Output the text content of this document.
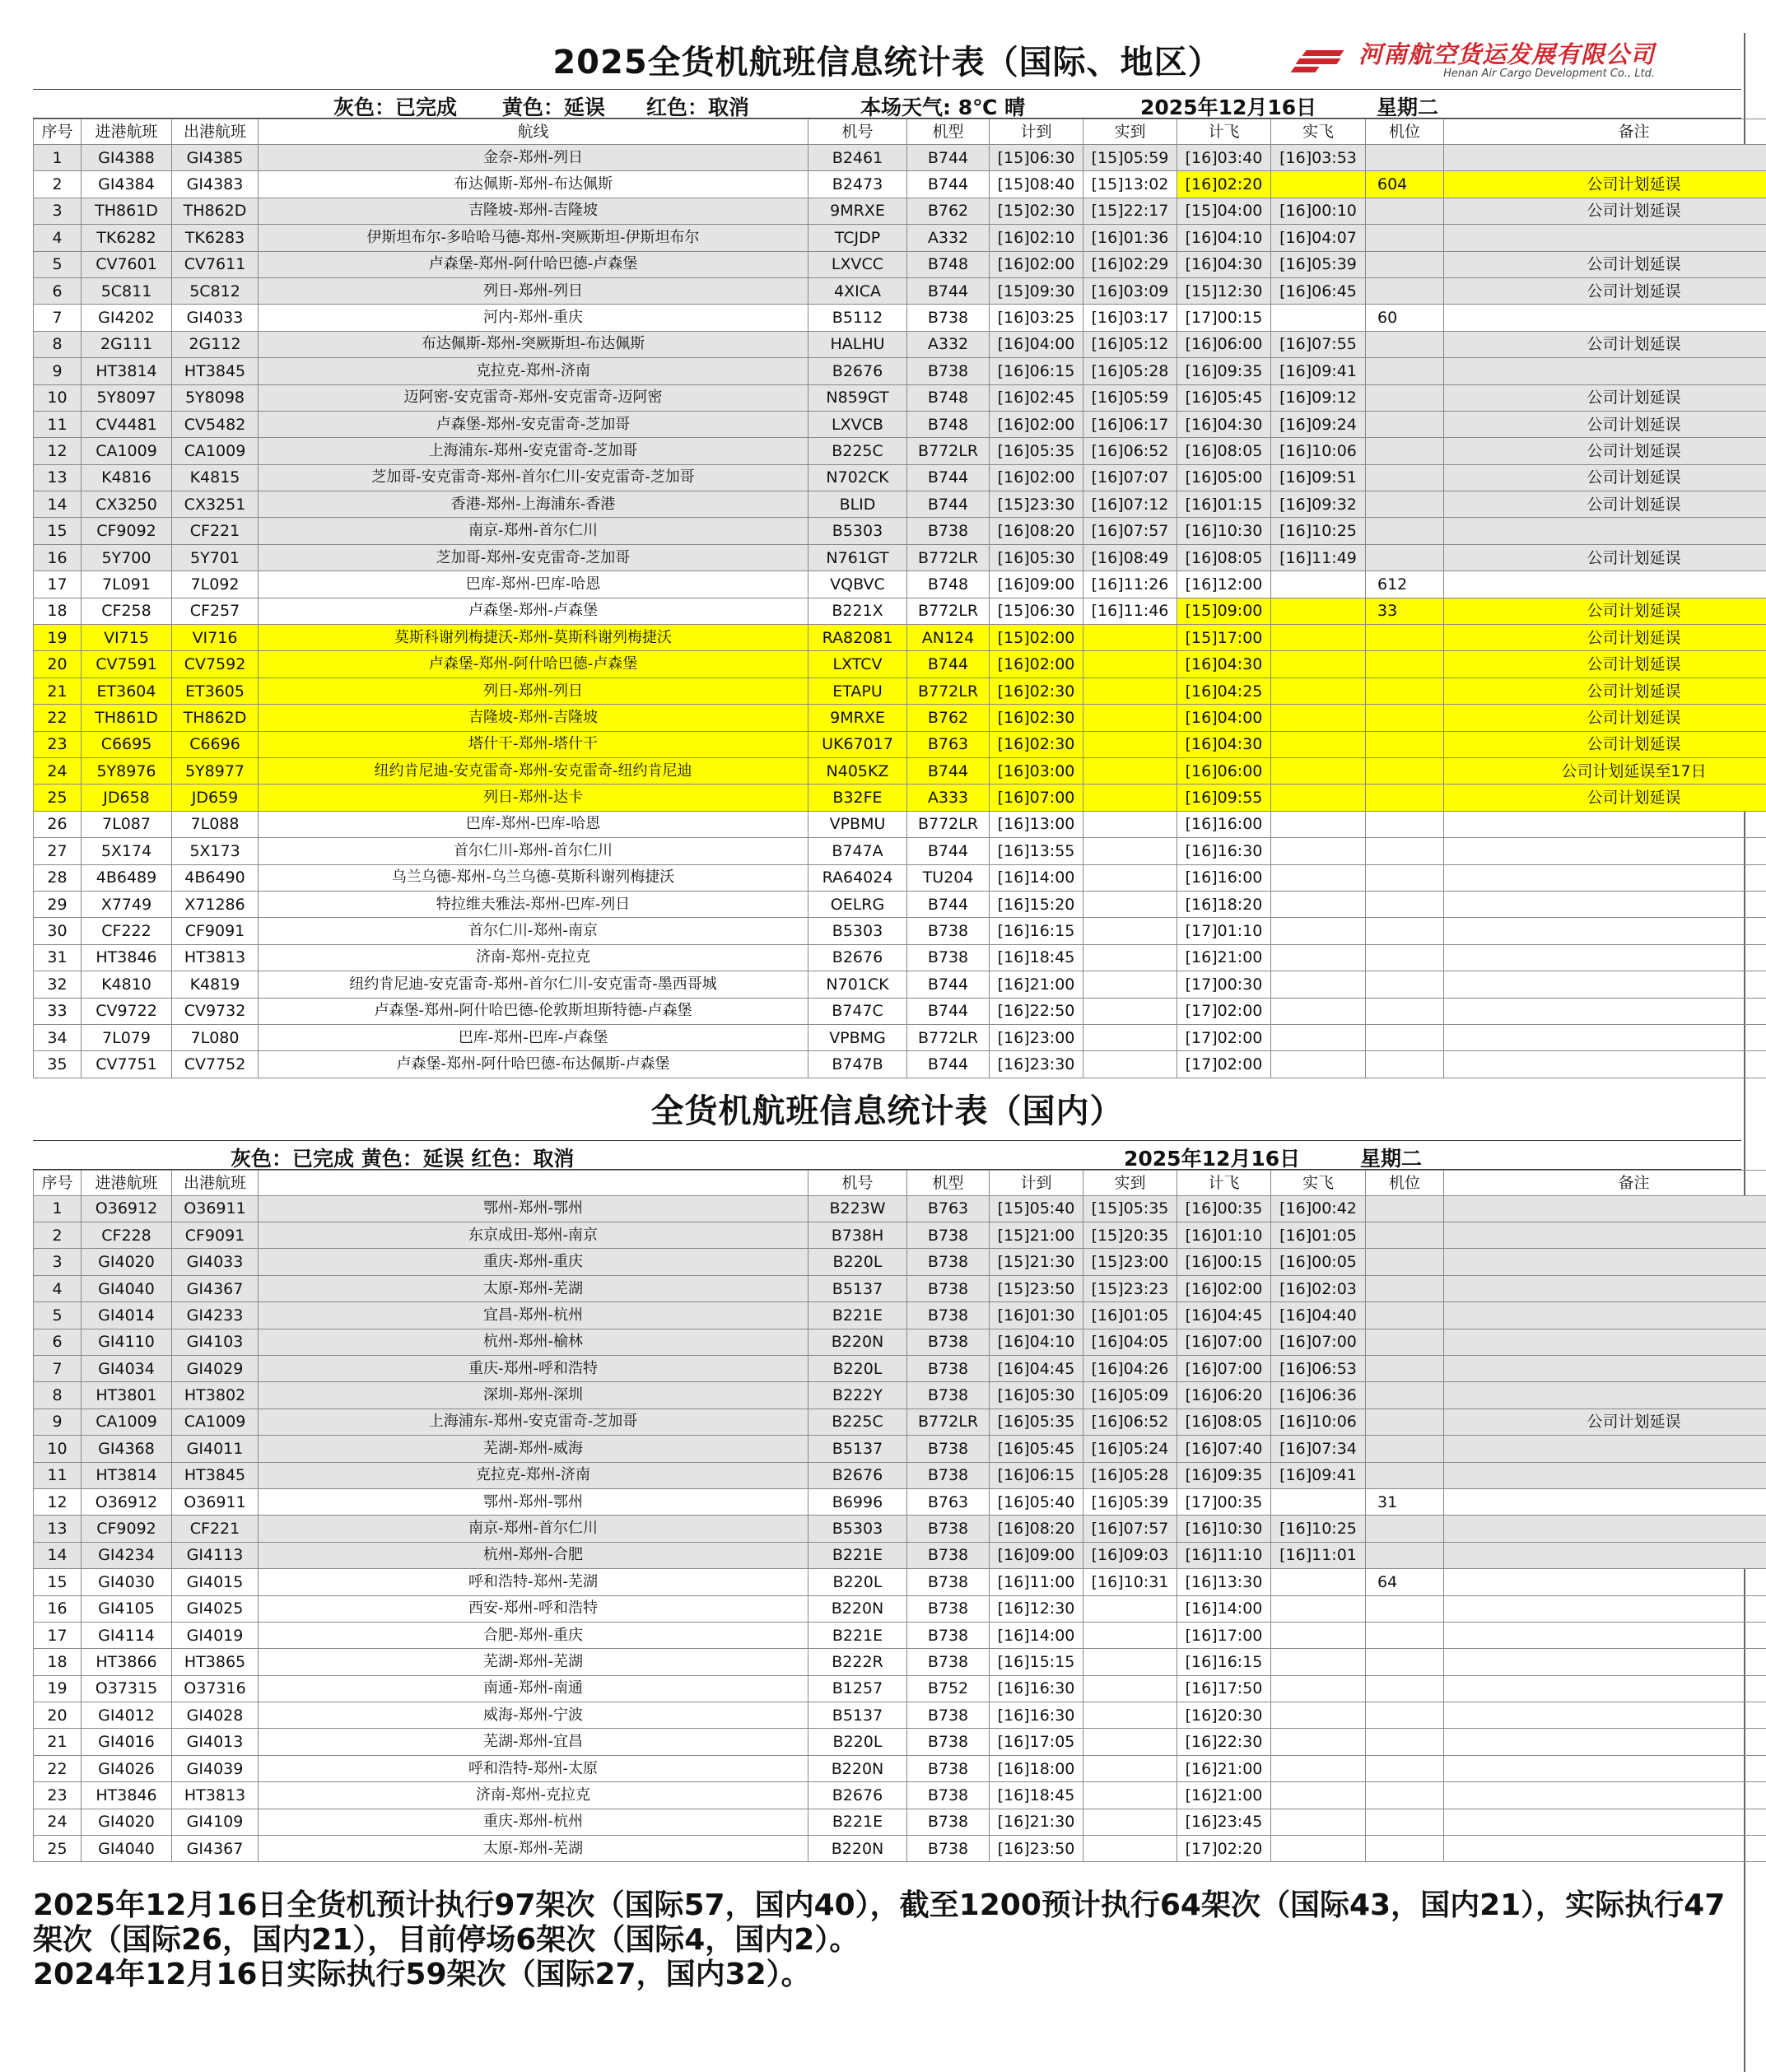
2025全货机航班信息统计表（国际、地区）	河南航空货运发展有限公司
Henan Air Cargo Development Co., Ltd.
灰色：已完成 黄色：延误 红色：取消	本场天气: 8℃ 晴	2025年12月16日	星期二
序号	进港航班	出港航班	航线	机号	机型	计到	实到	计飞	实飞	机位	备注
1	GI4388	GI4385	金奈-郑州-列日	B2461	B744	[15]06:30	[15]05:59	[16]03:40	[16]03:53		
2	GI4384	GI4383	布达佩斯-郑州-布达佩斯	B2473	B744	[15]08:40	[15]13:02	[16]02:20		604	公司计划延误
3	TH861D	TH862D	吉隆坡-郑州-吉隆坡	9MRXE	B762	[15]02:30	[15]22:17	[15]04:00	[16]00:10		公司计划延误
4	TK6282	TK6283	伊斯坦布尔-多哈哈马德-郑州-突厥斯坦-伊斯坦布尔	TCJDP	A332	[16]02:10	[16]01:36	[16]04:10	[16]04:07		
5	CV7601	CV7611	卢森堡-郑州-阿什哈巴德-卢森堡	LXVCC	B748	[16]02:00	[16]02:29	[16]04:30	[16]05:39		公司计划延误
6	5C811	5C812	列日-郑州-列日	4XICA	B744	[15]09:30	[16]03:09	[15]12:30	[16]06:45		公司计划延误
7	GI4202	GI4033	河内-郑州-重庆	B5112	B738	[16]03:25	[16]03:17	[17]00:15		60	
8	2G111	2G112	布达佩斯-郑州-突厥斯坦-布达佩斯	HALHU	A332	[16]04:00	[16]05:12	[16]06:00	[16]07:55		公司计划延误
9	HT3814	HT3845	克拉克-郑州-济南	B2676	B738	[16]06:15	[16]05:28	[16]09:35	[16]09:41		
10	5Y8097	5Y8098	迈阿密-安克雷奇-郑州-安克雷奇-迈阿密	N859GT	B748	[16]02:45	[16]05:59	[16]05:45	[16]09:12		公司计划延误
11	CV4481	CV5482	卢森堡-郑州-安克雷奇-芝加哥	LXVCB	B748	[16]02:00	[16]06:17	[16]04:30	[16]09:24		公司计划延误
12	CA1009	CA1009	上海浦东-郑州-安克雷奇-芝加哥	B225C	B772LR	[16]05:35	[16]06:52	[16]08:05	[16]10:06		公司计划延误
13	K4816	K4815	芝加哥-安克雷奇-郑州-首尔仁川-安克雷奇-芝加哥	N702CK	B744	[16]02:00	[16]07:07	[16]05:00	[16]09:51		公司计划延误
14	CX3250	CX3251	香港-郑州-上海浦东-香港	BLID	B744	[15]23:30	[16]07:12	[16]01:15	[16]09:32		公司计划延误
15	CF9092	CF221	南京-郑州-首尔仁川	B5303	B738	[16]08:20	[16]07:57	[16]10:30	[16]10:25		
16	5Y700	5Y701	芝加哥-郑州-安克雷奇-芝加哥	N761GT	B772LR	[16]05:30	[16]08:49	[16]08:05	[16]11:49		公司计划延误
17	7L091	7L092	巴库-郑州-巴库-哈恩	VQBVC	B748	[16]09:00	[16]11:26	[16]12:00		612	
18	CF258	CF257	卢森堡-郑州-卢森堡	B221X	B772LR	[15]06:30	[16]11:46	[15]09:00		33	公司计划延误
19	VI715	VI716	莫斯科谢列梅捷沃-郑州-莫斯科谢列梅捷沃	RA82081	AN124	[15]02:00		[15]17:00			公司计划延误
20	CV7591	CV7592	卢森堡-郑州-阿什哈巴德-卢森堡	LXTCV	B744	[16]02:00		[16]04:30			公司计划延误
21	ET3604	ET3605	列日-郑州-列日	ETAPU	B772LR	[16]02:30		[16]04:25			公司计划延误
22	TH861D	TH862D	吉隆坡-郑州-吉隆坡	9MRXE	B762	[16]02:30		[16]04:00			公司计划延误
23	C6695	C6696	塔什干-郑州-塔什干	UK67017	B763	[16]02:30		[16]04:30			公司计划延误
24	5Y8976	5Y8977	纽约肯尼迪-安克雷奇-郑州-安克雷奇-纽约肯尼迪	N405KZ	B744	[16]03:00		[16]06:00			公司计划延误至17日
25	JD658	JD659	列日-郑州-达卡	B32FE	A333	[16]07:00		[16]09:55			公司计划延误
26	7L087	7L088	巴库-郑州-巴库-哈恩	VPBMU	B772LR	[16]13:00		[16]16:00			
27	5X174	5X173	首尔仁川-郑州-首尔仁川	B747A	B744	[16]13:55		[16]16:30			
28	4B6489	4B6490	乌兰乌德-郑州-乌兰乌德-莫斯科谢列梅捷沃	RA64024	TU204	[16]14:00		[16]16:00			
29	X7749	X71286	特拉维夫雅法-郑州-巴库-列日	OELRG	B744	[16]15:20		[16]18:20			
30	CF222	CF9091	首尔仁川-郑州-南京	B5303	B738	[16]16:15		[17]01:10			
31	HT3846	HT3813	济南-郑州-克拉克	B2676	B738	[16]18:45		[16]21:00			
32	K4810	K4819	纽约肯尼迪-安克雷奇-郑州-首尔仁川-安克雷奇-墨西哥城	N701CK	B744	[16]21:00		[17]00:30			
33	CV9722	CV9732	卢森堡-郑州-阿什哈巴德-伦敦斯坦斯特德-卢森堡	B747C	B744	[16]22:50		[17]02:00			
34	7L079	7L080	巴库-郑州-巴库-卢森堡	VPBMG	B772LR	[16]23:00		[17]02:00			
35	CV7751	CV7752	卢森堡-郑州-阿什哈巴德-布达佩斯-卢森堡	B747B	B744	[16]23:30		[17]02:00			
全货机航班信息统计表（国内）
灰色：已完成 黄色：延误 红色：取消	2025年12月16日	星期二
序号	进港航班	出港航班		机号	机型	计到	实到	计飞	实飞	机位	备注
1	O36912	O36911	鄂州-郑州-鄂州	B223W	B763	[15]05:40	[15]05:35	[16]00:35	[16]00:42		
2	CF228	CF9091	东京成田-郑州-南京	B738H	B738	[15]21:00	[15]20:35	[16]01:10	[16]01:05		
3	GI4020	GI4033	重庆-郑州-重庆	B220L	B738	[15]21:30	[15]23:00	[16]00:15	[16]00:05		
4	GI4040	GI4367	太原-郑州-芜湖	B5137	B738	[15]23:50	[15]23:23	[16]02:00	[16]02:03		
5	GI4014	GI4233	宜昌-郑州-杭州	B221E	B738	[16]01:30	[16]01:05	[16]04:45	[16]04:40		
6	GI4110	GI4103	杭州-郑州-榆林	B220N	B738	[16]04:10	[16]04:05	[16]07:00	[16]07:00		
7	GI4034	GI4029	重庆-郑州-呼和浩特	B220L	B738	[16]04:45	[16]04:26	[16]07:00	[16]06:53		
8	HT3801	HT3802	深圳-郑州-深圳	B222Y	B738	[16]05:30	[16]05:09	[16]06:20	[16]06:36		
9	CA1009	CA1009	上海浦东-郑州-安克雷奇-芝加哥	B225C	B772LR	[16]05:35	[16]06:52	[16]08:05	[16]10:06		公司计划延误
10	GI4368	GI4011	芜湖-郑州-威海	B5137	B738	[16]05:45	[16]05:24	[16]07:40	[16]07:34		
11	HT3814	HT3845	克拉克-郑州-济南	B2676	B738	[16]06:15	[16]05:28	[16]09:35	[16]09:41		
12	O36912	O36911	鄂州-郑州-鄂州	B6996	B763	[16]05:40	[16]05:39	[17]00:35		31	
13	CF9092	CF221	南京-郑州-首尔仁川	B5303	B738	[16]08:20	[16]07:57	[16]10:30	[16]10:25		
14	GI4234	GI4113	杭州-郑州-合肥	B221E	B738	[16]09:00	[16]09:03	[16]11:10	[16]11:01		
15	GI4030	GI4015	呼和浩特-郑州-芜湖	B220L	B738	[16]11:00	[16]10:31	[16]13:30		64	
16	GI4105	GI4025	西安-郑州-呼和浩特	B220N	B738	[16]12:30		[16]14:00			
17	GI4114	GI4019	合肥-郑州-重庆	B221E	B738	[16]14:00		[16]17:00			
18	HT3866	HT3865	芜湖-郑州-芜湖	B222R	B738	[16]15:15		[16]16:15			
19	O37315	O37316	南通-郑州-南通	B1257	B752	[16]16:30		[16]17:50			
20	GI4012	GI4028	威海-郑州-宁波	B5137	B738	[16]16:30		[16]20:30			
21	GI4016	GI4013	芜湖-郑州-宜昌	B220L	B738	[16]17:05		[16]22:30			
22	GI4026	GI4039	呼和浩特-郑州-太原	B220N	B738	[16]18:00		[16]21:00			
23	HT3846	HT3813	济南-郑州-克拉克	B2676	B738	[16]18:45		[16]21:00			
24	GI4020	GI4109	重庆-郑州-杭州	B221E	B738	[16]21:30		[16]23:45			
25	GI4040	GI4367	太原-郑州-芜湖	B220N	B738	[16]23:50		[17]02:20			

2025年12月16日全货机预计执行97架次（国际57，国内40），截至1200预计执行64架次（国际43，国内21），实际执行47架次（国际26，国内21），目前停场6架次（国际4，国内2）。

2024年12月16日实际执行59架次（国际27，国内32）。
